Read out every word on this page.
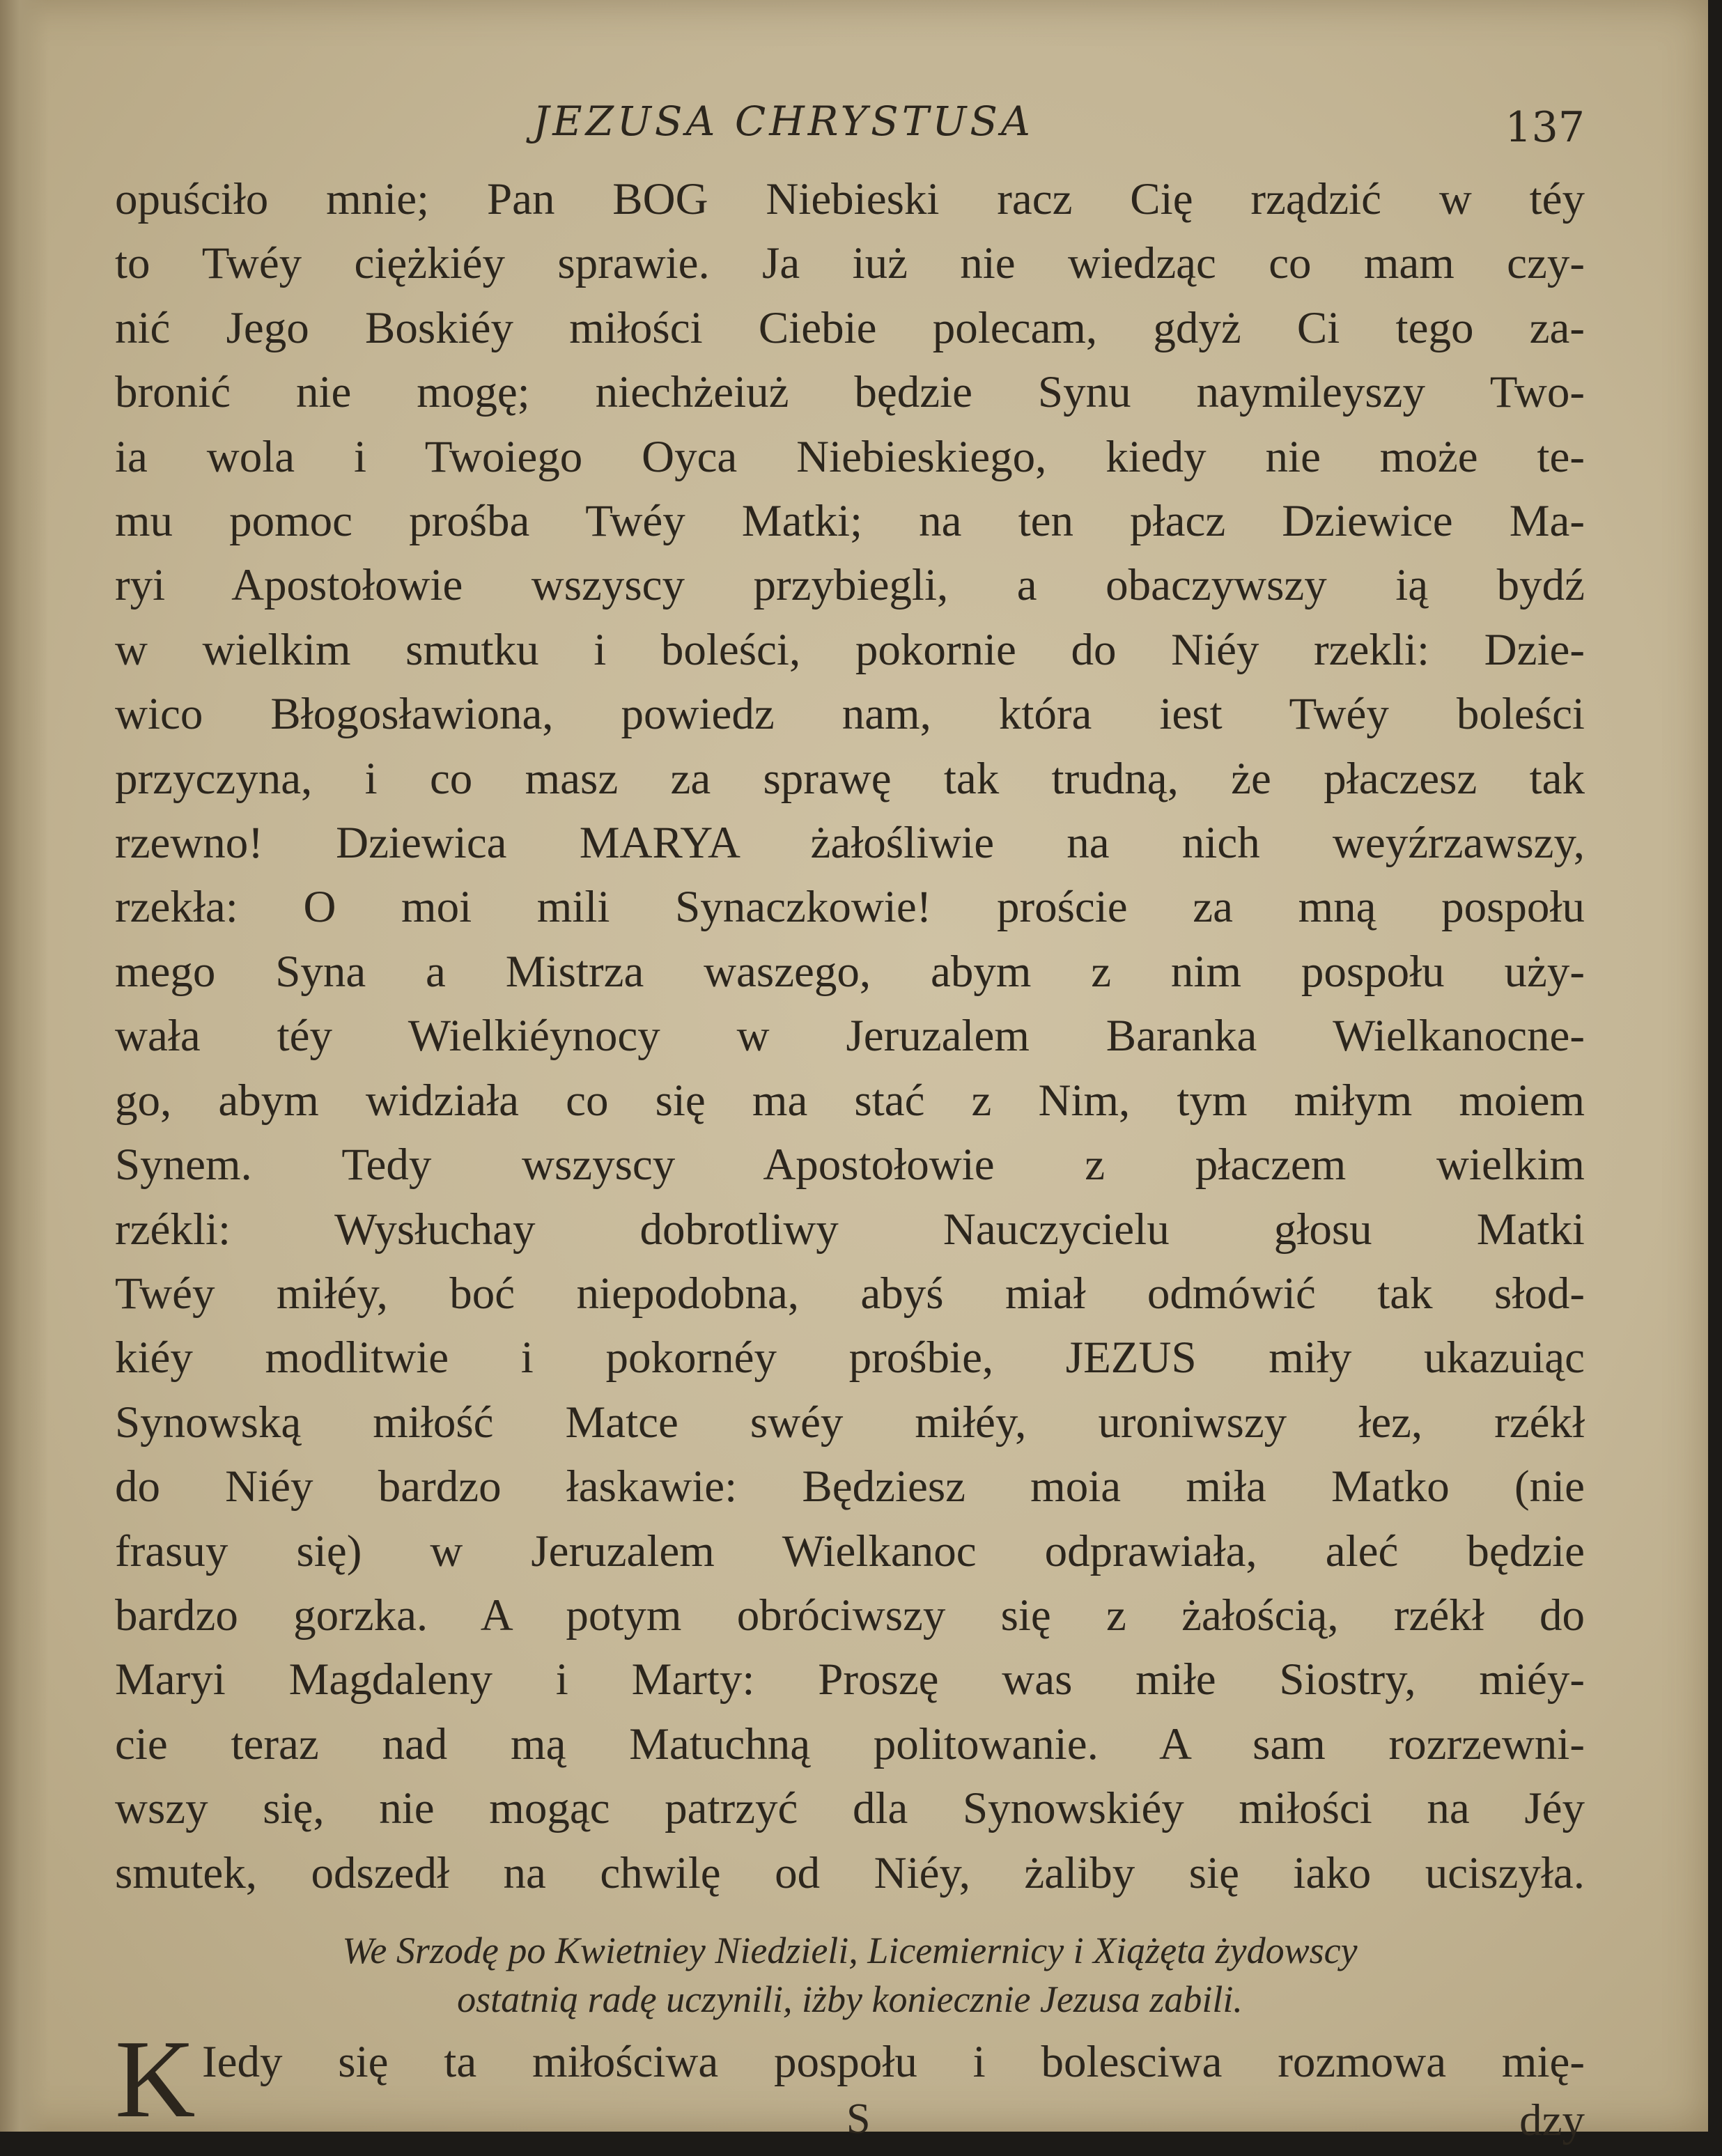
JEZUSA CHRYSTUSA	137

opuściło mnie; Pan BOG Niebieski racz Cię rządzić w téy
to Twéy ciężkiéy sprawie. Ja iuż nie wiedząc co mam czy-
nić Jego Boskiéy miłości Ciebie polecam, gdyż Ci tego za-
bronić nie mogę; niechżeiuż będzie Synu naymileyszy Two-
ia wola i Twoiego Oyca Niebieskiego, kiedy nie może te-
mu pomoc prośba Twéy Matki; na ten płacz Dziewice Ma-
ryi Apostołowie wszyscy przybiegli, a obaczywszy ią bydź
w wielkim smutku i boleści, pokornie do Niéy rzekli: Dzie-
wico Błogosławiona, powiedz nam, która iest Twéy boleści
przyczyna, i co masz za sprawę tak trudną, że płaczesz tak
rzewno! Dziewica MARYA żałośliwie na nich weyźrzawszy,
rzekła: O moi mili Synaczkowie! proście za mną pospołu
mego Syna a Mistrza waszego, abym z nim pospołu uży-
wała téy Wielkiéynocy w Jeruzalem Baranka Wielkanocne-
go, abym widziała co się ma stać z Nim, tym miłym moiem
Synem. Tedy wszyscy Apostołowie z płaczem wielkim
rzékli: Wysłuchay dobrotliwy Nauczycielu głosu Matki
Twéy miłéy, boć niepodobna, abyś miał odmówić tak słod-
kiéy modlitwie i pokornéy prośbie, JEZUS miły ukazuiąc
Synowską miłość Matce swéy miłéy, uroniwszy łez, rzékł
do Niéy bardzo łaskawie: Będziesz moia miła Matko (nie
frasuy się) w Jeruzalem Wielkanoc odprawiała, aleć będzie
bardzo gorzka. A potym obróciwszy się z żałością, rzékł do
Maryi Magdaleny i Marty: Proszę was miłe Siostry, miéy-
cie teraz nad mą Matuchną politowanie. A sam rozrzewni-
wszy się, nie mogąc patrzyć dla Synowskiéy miłości na Jéy
smutek, odszedł na chwilę od Niéy, żaliby się iako uciszyła.

We Srzodę po Kwietniey Niedzieli, Licemiernicy i Xiążęta żydowscy
ostatnią radę uczynili, iżby koniecznie Jezusa zabili.
K Iedy się ta miłościwa pospołu i bolesciwa rozmowa mię-
S	dzy
